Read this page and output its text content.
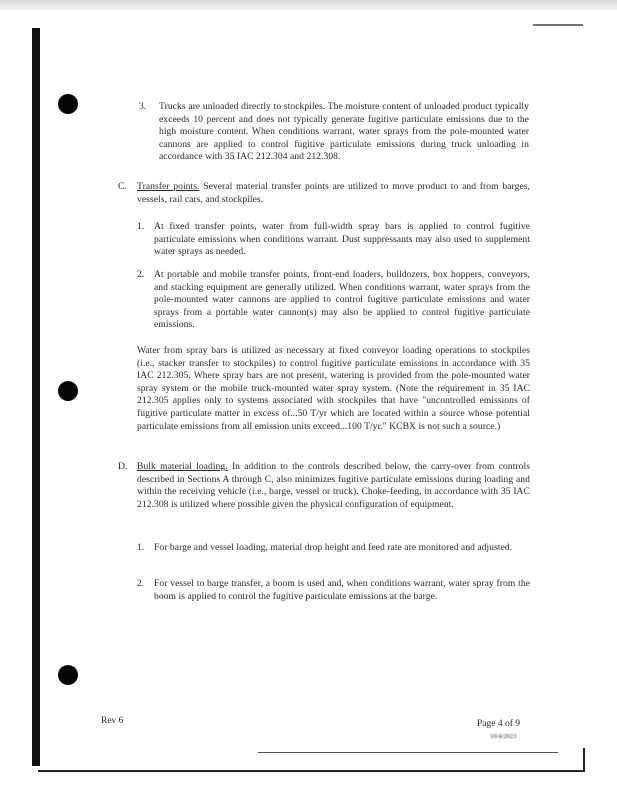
3. Trucks are unloaded directly to stockpiles. The moisture content of unloaded product typically exceeds 10 percent and does not typically generate fugitive particulate emissions due to the high moisture content. When conditions warrant, water sprays from the pole-mounted water cannons are applied to control fugitive particulate emissions during truck unloading in accordance with 35 IAC 212.304 and 212.308.
C. Transfer points. Several material transfer points are utilized to move product to and from barges, vessels, rail cars, and stockpiles.
1. At fixed transfer points, water from full-width spray bars is applied to control fugitive particulate emissions when conditions warrant. Dust suppressants may also used to supplement water sprays as needed.
2. At portable and mobile transfer points, front-end loaders, bulldozers, box hoppers, conveyors, and stacking equipment are generally utilized. When conditions warrant, water sprays from the pole-mounted water cannons are applied to control fugitive particulate emissions and water sprays from a portable water cannon(s) may also be applied to control fugitive particulate emissions.
Water from spray bars is utilized as necessary at fixed conveyor loading operations to stockpiles (i.e., stacker transfer to stockpiles) to control fugitive particulate emissions in accordance with 35 IAC 212.305. Where spray bars are not present, watering is provided from the pole-mounted water spray system or the mobile truck-mounted water spray system. (Note the requirement in 35 IAC 212.305 applies only to systems associated with stockpiles that have "uncontrolled emissions of fugitive particulate matter in excess of...50 T/yr which are located within a source whose potential particulate emissions from all emission units exceed...100 T/yr." KCBX is not such a source.)
D. Bulk material loading. In addition to the controls described below, the carry-over from controls described in Sections A through C, also minimizes fugitive particulate emissions during loading and within the receiving vehicle (i.e., barge, vessel or truck). Choke-feeding, in accordance with 35 IAC 212.308 is utilized where possible given the physical configuration of equipment.
1. For barge and vessel loading, material drop height and feed rate are monitored and adjusted.
2. For vessel to barge transfer, a boom is used and, when conditions warrant, water spray from the boom is applied to control the fugitive particulate emissions at the barge.
Rev 6	Page 4 of 9
10/4/2023
